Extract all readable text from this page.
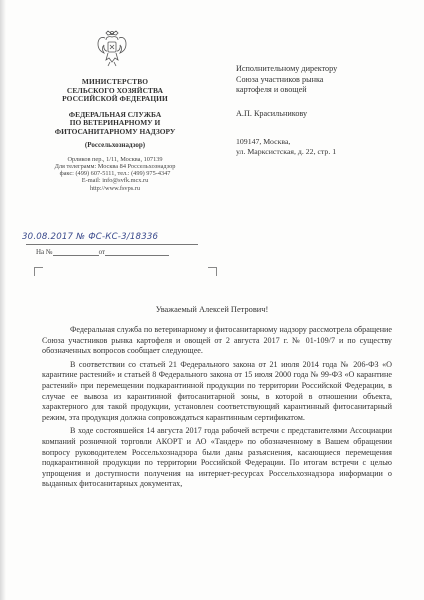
МИНИСТЕРСТВО
СЕЛЬСКОГО ХОЗЯЙСТВА
РОССИЙСКОЙ ФЕДЕРАЦИИ
ФЕДЕРАЛЬНАЯ СЛУЖБА
ПО ВЕТЕРИНАРНОМУ И
ФИТОСАНИТАРНОМУ НАДЗОРУ
(Россельхознадзор)
Орликов пер., 1/11, Москва, 107139
Для телеграмм: Москва 84 Россельхознадзор
факс: (499) 607-5111, тел.: (499) 975-4347
E-mail: info@svfk.mcx.ru
http://www.fsvps.ru
30.08.2017 № ФС-КС-3/18336
На №	от
Исполнительному директору
Союза участников рынка
картофеля и овощей
А.П. Красильникову
109147, Москва,
ул. Марксистская, д. 22, стр. 1
Уважаемый Алексей Петрович!

Федеральная служба по ветеринарному и фитосанитарному надзору рассмотрела обращение Союза участников рынка картофеля и овощей от 2 августа 2017 г. № 01-109/7 и по существу обозначенных вопросов сообщает следующее.

В соответствии со статьей 21 Федерального закона от 21 июля 2014 года № 206-ФЗ «О карантине растений» и статьей 8 Федерального закона от 15 июля 2000 года № 99-ФЗ «О карантине растений» при перемещении подкарантинной продукции по территории Российской Федерации, в случае ее вывоза из карантинной фитосанитарной зоны, в которой в отношении объекта, характерного для такой продукции, установлен соответствующий карантинный фитосанитарный режим, эта продукция должна сопровождаться карантинным сертификатом.

В ходе состоявшейся 14 августа 2017 года рабочей встречи с представителями Ассоциации компаний розничной торговли АКОРТ и АО «Тандер» по обозначенному в Вашем обращении вопросу руководителем Россельхознадзора были даны разъяснения, касающиеся перемещения подкарантинной продукции по территории Российской Федерации. По итогам встречи с целью упрощения и доступности получения на интернет-ресурсах Россельхознадзора информации о выданных фитосанитарных документах,
